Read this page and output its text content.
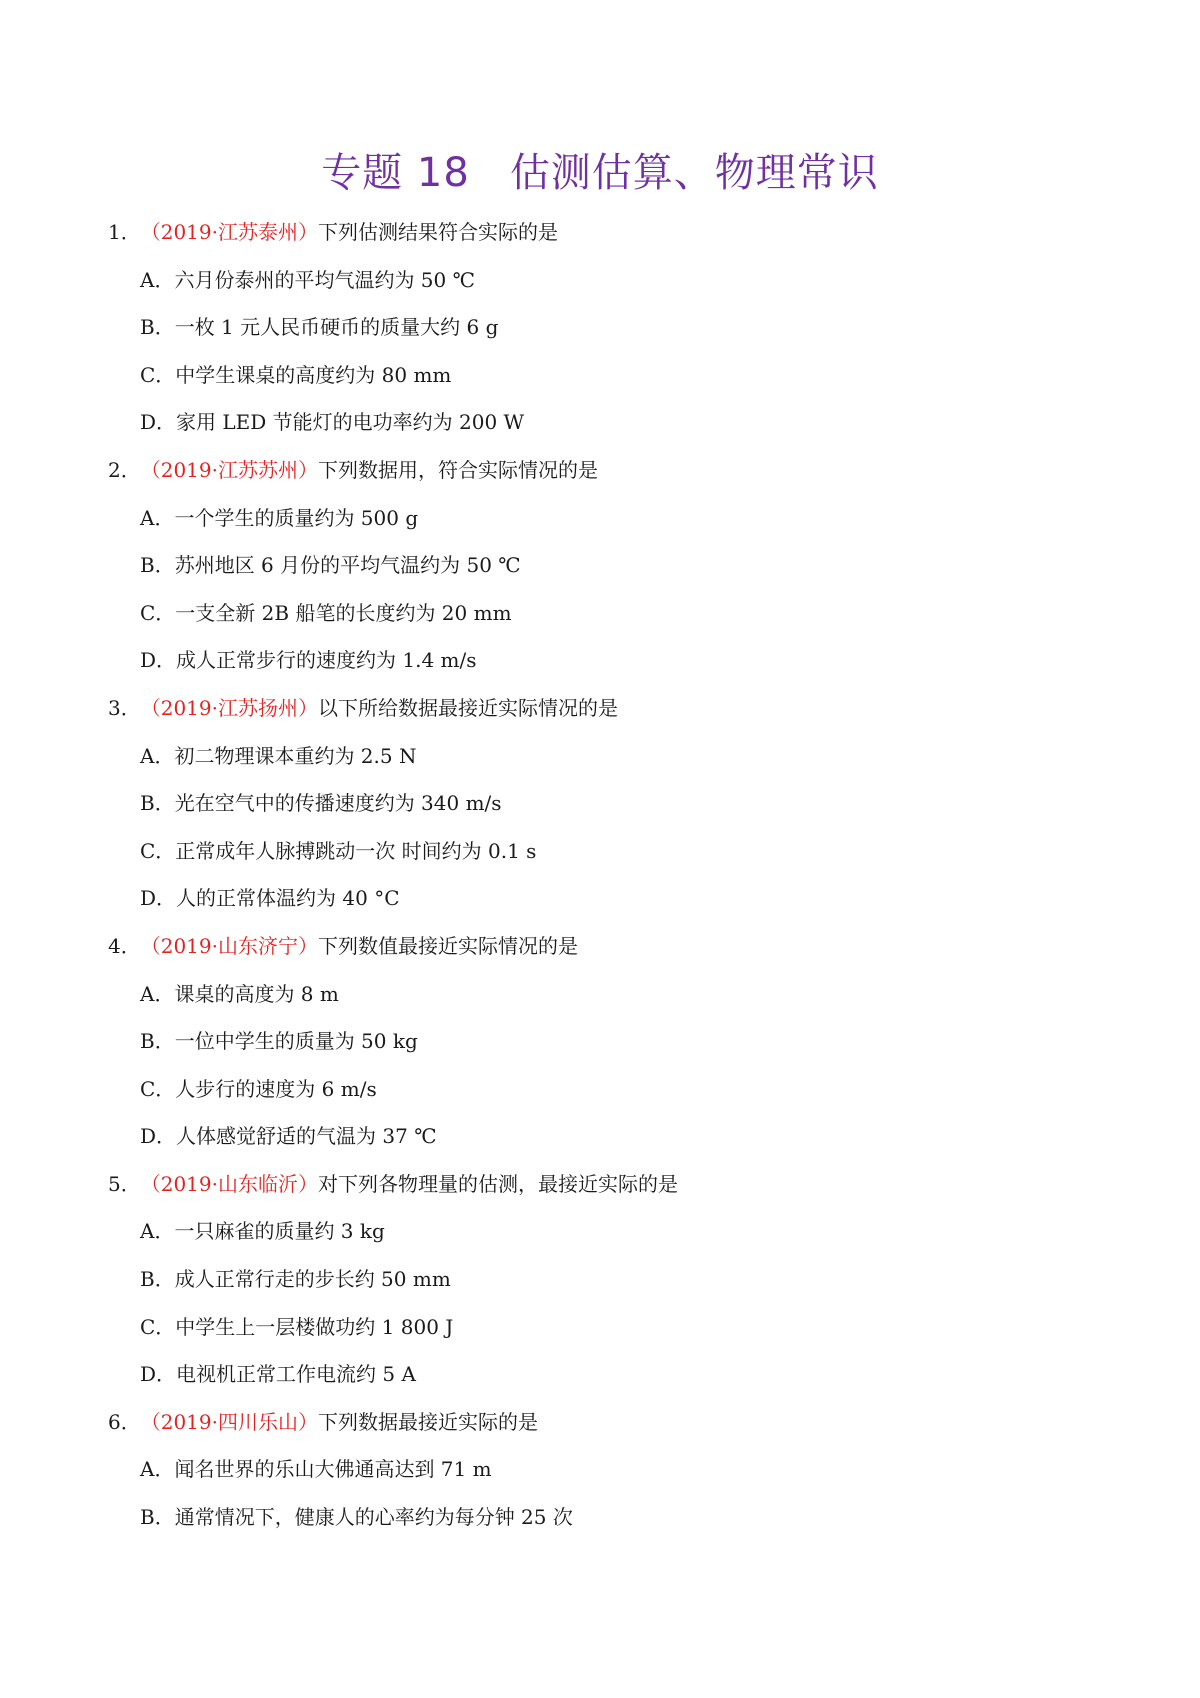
专题 18 估测估算、物理常识
1．（2019·江苏泰州）下列估测结果符合实际的是
A．六月份泰州的平均气温约为 50 ℃
B．一枚 1 元人民币硬币的质量大约 6 g
C．中学生课桌的高度约为 80 mm
D．家用 LED 节能灯的电功率约为 200 W
2．（2019·江苏苏州）下列数据用，符合实际情况的是
A．一个学生的质量约为 500 g
B．苏州地区 6 月份的平均气温约为 50 ℃
C．一支全新 2B 船笔的长度约为 20 mm
D．成人正常步行的速度约为 1.4 m/s
3．（2019·江苏扬州）以下所给数据最接近实际情况的是
A．初二物理课本重约为 2.5 N
B．光在空气中的传播速度约为 340 m/s
C．正常成年人脉搏跳动一次 时间约为 0.1 s
D．人的正常体温约为 40 °C
4．（2019·山东济宁）下列数值最接近实际情况的是
A．课桌的高度为 8 m
B．一位中学生的质量为 50 kg
C．人步行的速度为 6 m/s
D．人体感觉舒适的气温为 37 ℃
5．（2019·山东临沂）对下列各物理量的估测，最接近实际的是
A．一只麻雀的质量约 3 kg
B．成人正常行走的步长约 50 mm
C．中学生上一层楼做功约 1 800 J
D．电视机正常工作电流约 5 A
6．（2019·四川乐山）下列数据最接近实际的是
A．闻名世界的乐山大佛通高达到 71 m
B．通常情况下，健康人的心率约为每分钟 25 次
